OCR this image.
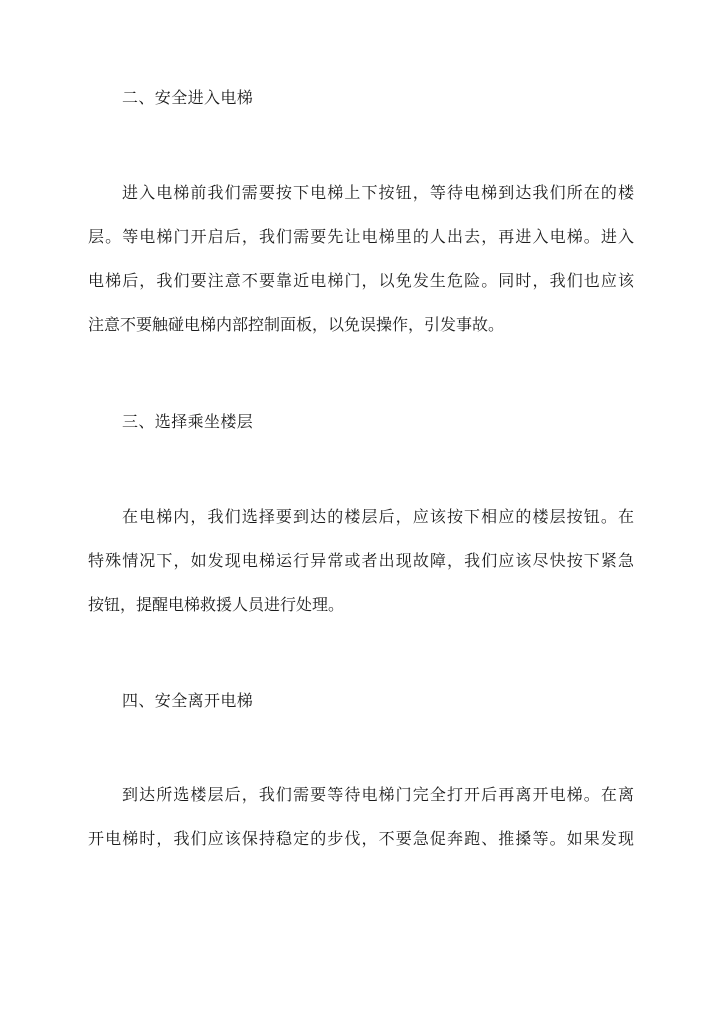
二、安全进入电梯
进入电梯前我们需要按下电梯上下按钮，等待电梯到达我们所在的楼
层。等电梯门开启后，我们需要先让电梯里的人出去，再进入电梯。进入
电梯后，我们要注意不要靠近电梯门，以免发生危险。同时，我们也应该
注意不要触碰电梯内部控制面板，以免误操作，引发事故。
三、选择乘坐楼层
在电梯内，我们选择要到达的楼层后，应该按下相应的楼层按钮。在
特殊情况下，如发现电梯运行异常或者出现故障，我们应该尽快按下紧急
按钮，提醒电梯救援人员进行处理。
四、安全离开电梯
到达所选楼层后，我们需要等待电梯门完全打开后再离开电梯。在离
开电梯时，我们应该保持稳定的步伐，不要急促奔跑、推搡等。如果发现
